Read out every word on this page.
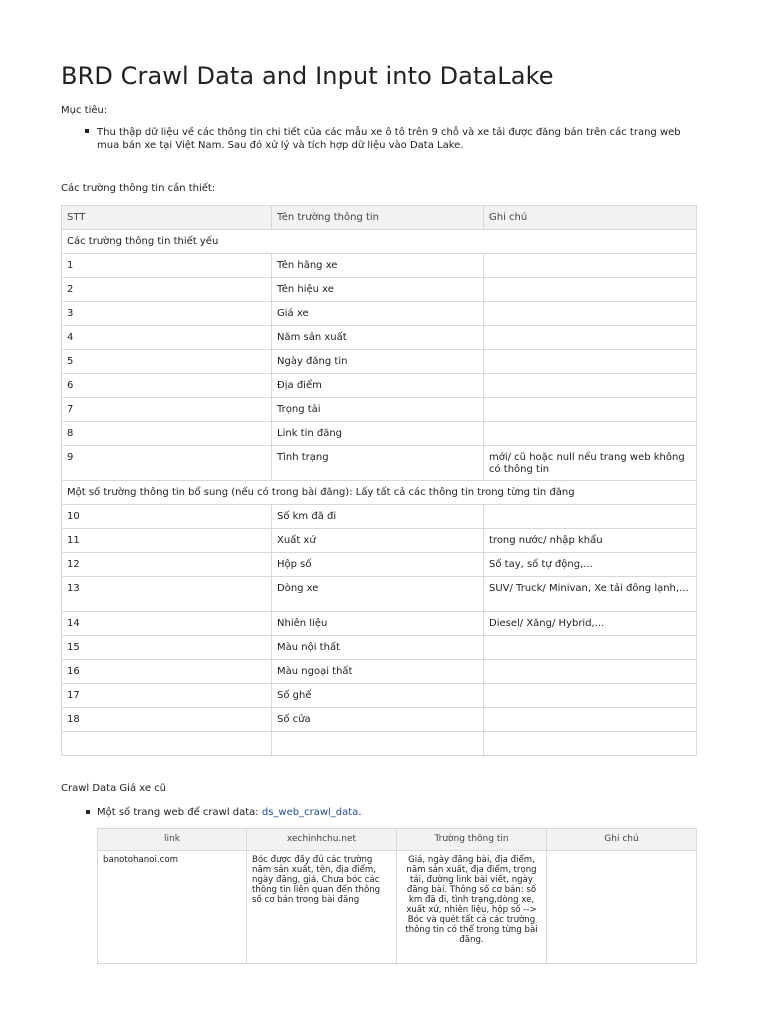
BRD Crawl Data and Input into DataLake
Mục tiêu:
Thu thập dữ liệu về các thông tin chi tiết của các mẫu xe ô tô trên 9 chỗ và xe tải được đăng bán trên các trang web mua bán xe tại Việt Nam. Sau đó xử lý và tích hợp dữ liệu vào Data Lake.
Các trường thông tin cần thiết:
STT	Tên trường thông tin	Ghi chú
Các trường thông tin thiết yếu		
1	Tên hãng xe	
2	Tên hiệu xe	
3	Giá xe	
4	Năm sản xuất	
5	Ngày đăng tin	
6	Địa điểm	
7	Trọng tải	
8	Link tin đăng	
9	Tình trạng	mới/ cũ hoặc null nếu trang web không có thông tin
Một số trường thông tin bổ sung (nếu có trong bài đăng): Lấy tất cả các thông tin trong từng tin đăng		
10	Số km đã đi	
11	Xuất xứ	trong nước/ nhập khẩu
12	Hộp số	Số tay, số tự động,...
13	Dòng xe	SUV/ Truck/ Minivan, Xe tải đông lạnh,...
14	Nhiên liệu	Diesel/ Xăng/ Hybrid,...
15	Màu nội thất	
16	Màu ngoại thất	
17	Số ghế	
18	Số cửa	

Crawl Data Giá xe cũ
Một số trang web để crawl data: ds_web_crawl_data.
link	xechinhchu.net	Trường thông tin	Ghi chú
banotohanoi.com	Bóc được đầy đủ các trường năm sản xuất, tên, địa điểm, ngày đăng, giá. Chưa bóc các thông tin liên quan đến thông số cơ bản trong bài đăng	Giá, ngày đăng bài, địa điểm, năm sản xuất, địa điểm, trọng tải, đường link bài viết, ngày đăng bài. Thông số cơ bản: số km đã đi, tình trạng,dòng xe, xuất xứ, nhiên liệu, hộp số --> Bóc và quét tất cả các trường thông tin có thể trong từng bài đăng.	
